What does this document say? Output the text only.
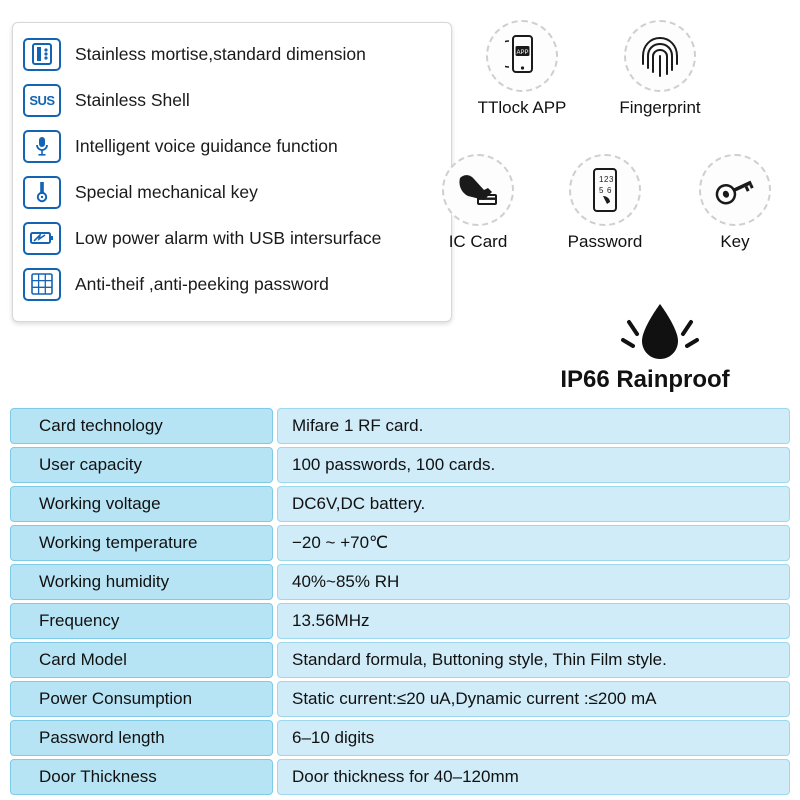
Stainless mortise,standard dimension
SUS Stainless Shell
Intelligent voice guidance function
Special mechanical key
Low power alarm with USB intersurface
Anti-theif ,anti-peeking password
APP
TTlock APP	Fingerprint
IC Card
1 2 3
5 6
Password	Key
IP66 Rainproof
Card technology		Mifare 1 RF card.
User capacity		100 passwords, 100 cards.
Working voltage		DC6V,DC battery.
Working temperature		−20 ~ +70℃
Working humidity		40%~85% RH
Frequency		13.56MHz
Card Model		Standard formula, Buttoning style, Thin Film style.
Power Consumption		Static current:≤20 uA,Dynamic current :≤200 mA
Password length		6–10 digits
Door Thickness		Door thickness for 40–120mm
